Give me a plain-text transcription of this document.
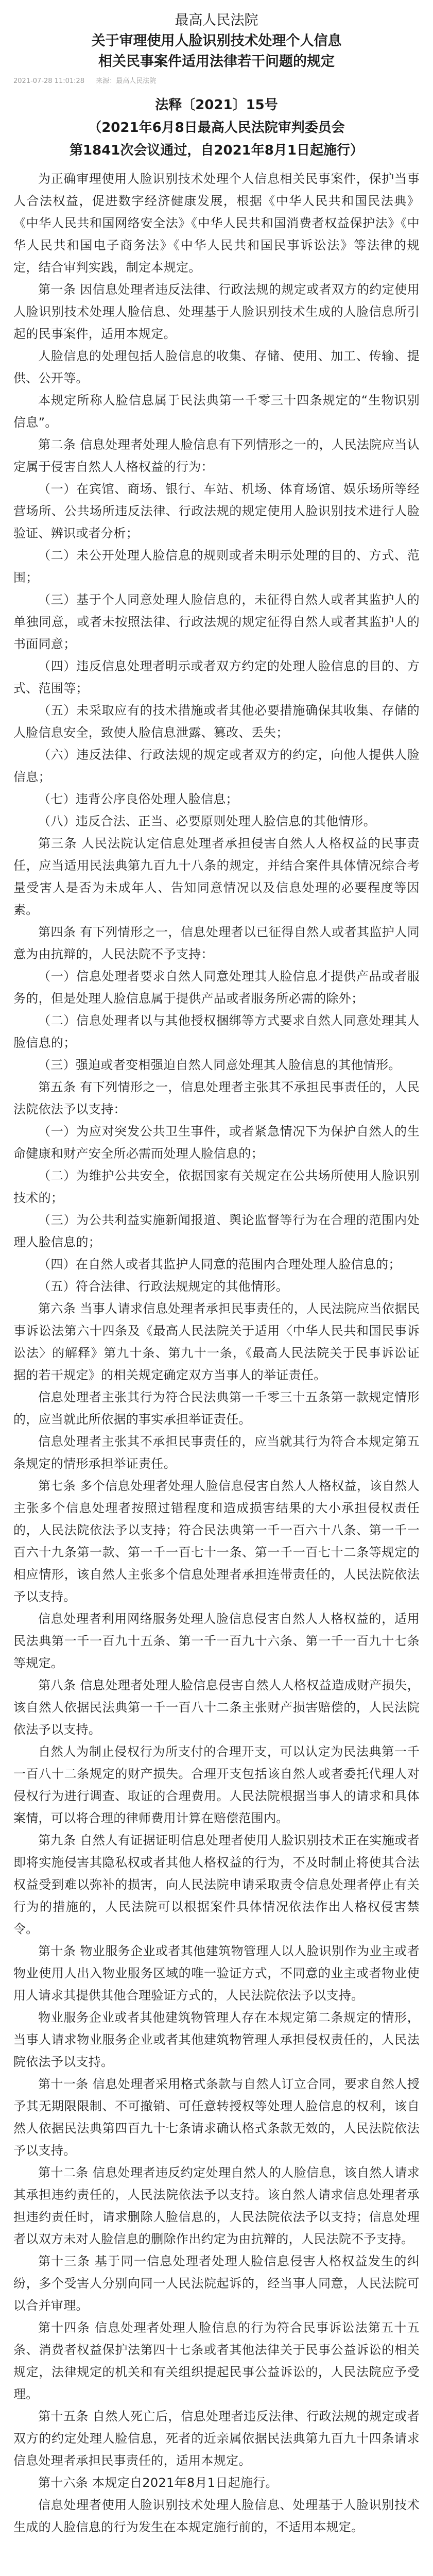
最高人民法院
关于审理使用人脸识别技术处理个人信息
相关民事案件适用法律若干问题的规定
2021-07-28 11:01:28 来源：最高人民法院
法释〔2021〕15号
（2021年6月8日最高人民法院审判委员会
第1841次会议通过，自2021年8月1日起施行）

为正确审理使用人脸识别技术处理个人信息相关民事案件，保护当事人合法权益，促进数字经济健康发展，根据《中华人民共和国民法典》《中华人民共和国网络安全法》《中华人民共和国消费者权益保护法》《中华人民共和国电子商务法》《中华人民共和国民事诉讼法》等法律的规定，结合审判实践，制定本规定。

第一条 因信息处理者违反法律、行政法规的规定或者双方的约定使用人脸识别技术处理人脸信息、处理基于人脸识别技术生成的人脸信息所引起的民事案件，适用本规定。

人脸信息的处理包括人脸信息的收集、存储、使用、加工、传输、提供、公开等。

本规定所称人脸信息属于民法典第一千零三十四条规定的“生物识别信息”。

第二条 信息处理者处理人脸信息有下列情形之一的，人民法院应当认定属于侵害自然人人格权益的行为：

（一）在宾馆、商场、银行、车站、机场、体育场馆、娱乐场所等经营场所、公共场所违反法律、行政法规的规定使用人脸识别技术进行人脸验证、辨识或者分析；

（二）未公开处理人脸信息的规则或者未明示处理的目的、方式、范围；

（三）基于个人同意处理人脸信息的，未征得自然人或者其监护人的单独同意，或者未按照法律、行政法规的规定征得自然人或者其监护人的书面同意；

（四）违反信息处理者明示或者双方约定的处理人脸信息的目的、方式、范围等；

（五）未采取应有的技术措施或者其他必要措施确保其收集、存储的人脸信息安全，致使人脸信息泄露、篡改、丢失；

（六）违反法律、行政法规的规定或者双方的约定，向他人提供人脸信息；

（七）违背公序良俗处理人脸信息；

（八）违反合法、正当、必要原则处理人脸信息的其他情形。

第三条 人民法院认定信息处理者承担侵害自然人人格权益的民事责任，应当适用民法典第九百九十八条的规定，并结合案件具体情况综合考量受害人是否为未成年人、告知同意情况以及信息处理的必要程度等因素。

第四条 有下列情形之一，信息处理者以已征得自然人或者其监护人同意为由抗辩的，人民法院不予支持：

（一）信息处理者要求自然人同意处理其人脸信息才提供产品或者服务的，但是处理人脸信息属于提供产品或者服务所必需的除外；

（二）信息处理者以与其他授权捆绑等方式要求自然人同意处理其人脸信息的；

（三）强迫或者变相强迫自然人同意处理其人脸信息的其他情形。

第五条 有下列情形之一，信息处理者主张其不承担民事责任的，人民法院依法予以支持：

（一）为应对突发公共卫生事件，或者紧急情况下为保护自然人的生命健康和财产安全所必需而处理人脸信息的；

（二）为维护公共安全，依据国家有关规定在公共场所使用人脸识别技术的；

（三）为公共利益实施新闻报道、舆论监督等行为在合理的范围内处理人脸信息的；

（四）在自然人或者其监护人同意的范围内合理处理人脸信息的；

（五）符合法律、行政法规规定的其他情形。

第六条 当事人请求信息处理者承担民事责任的，人民法院应当依据民事诉讼法第六十四条及《最高人民法院关于适用〈中华人民共和国民事诉讼法〉的解释》第九十条、第九十一条，《最高人民法院关于民事诉讼证据的若干规定》的相关规定确定双方当事人的举证责任。

信息处理者主张其行为符合民法典第一千零三十五条第一款规定情形的，应当就此所依据的事实承担举证责任。

信息处理者主张其不承担民事责任的，应当就其行为符合本规定第五条规定的情形承担举证责任。

第七条 多个信息处理者处理人脸信息侵害自然人人格权益，该自然人主张多个信息处理者按照过错程度和造成损害结果的大小承担侵权责任的，人民法院依法予以支持；符合民法典第一千一百六十八条、第一千一百六十九条第一款、第一千一百七十一条、第一千一百七十二条等规定的相应情形，该自然人主张多个信息处理者承担连带责任的，人民法院依法予以支持。

信息处理者利用网络服务处理人脸信息侵害自然人人格权益的，适用民法典第一千一百九十五条、第一千一百九十六条、第一千一百九十七条等规定。

第八条 信息处理者处理人脸信息侵害自然人人格权益造成财产损失，该自然人依据民法典第一千一百八十二条主张财产损害赔偿的，人民法院依法予以支持。

自然人为制止侵权行为所支付的合理开支，可以认定为民法典第一千一百八十二条规定的财产损失。合理开支包括该自然人或者委托代理人对侵权行为进行调查、取证的合理费用。人民法院根据当事人的请求和具体案情，可以将合理的律师费用计算在赔偿范围内。

第九条 自然人有证据证明信息处理者使用人脸识别技术正在实施或者即将实施侵害其隐私权或者其他人格权益的行为，不及时制止将使其合法权益受到难以弥补的损害，向人民法院申请采取责令信息处理者停止有关行为的措施的，人民法院可以根据案件具体情况依法作出人格权侵害禁令。

第十条 物业服务企业或者其他建筑物管理人以人脸识别作为业主或者物业使用人出入物业服务区域的唯一验证方式，不同意的业主或者物业使用人请求其提供其他合理验证方式的，人民法院依法予以支持。

物业服务企业或者其他建筑物管理人存在本规定第二条规定的情形，当事人请求物业服务企业或者其他建筑物管理人承担侵权责任的，人民法院依法予以支持。

第十一条 信息处理者采用格式条款与自然人订立合同，要求自然人授予其无期限限制、不可撤销、可任意转授权等处理人脸信息的权利，该自然人依据民法典第四百九十七条请求确认格式条款无效的，人民法院依法予以支持。

第十二条 信息处理者违反约定处理自然人的人脸信息，该自然人请求其承担违约责任的，人民法院依法予以支持。该自然人请求信息处理者承担违约责任时，请求删除人脸信息的，人民法院依法予以支持；信息处理者以双方未对人脸信息的删除作出约定为由抗辩的，人民法院不予支持。

第十三条 基于同一信息处理者处理人脸信息侵害人格权益发生的纠纷，多个受害人分别向同一人民法院起诉的，经当事人同意，人民法院可以合并审理。

第十四条 信息处理者处理人脸信息的行为符合民事诉讼法第五十五条、消费者权益保护法第四十七条或者其他法律关于民事公益诉讼的相关规定，法律规定的机关和有关组织提起民事公益诉讼的，人民法院应予受理。

第十五条 自然人死亡后，信息处理者违反法律、行政法规的规定或者双方的约定处理人脸信息，死者的近亲属依据民法典第九百九十四条请求信息处理者承担民事责任的，适用本规定。

第十六条 本规定自2021年8月1日起施行。

信息处理者使用人脸识别技术处理人脸信息、处理基于人脸识别技术生成的人脸信息的行为发生在本规定施行前的，不适用本规定。
